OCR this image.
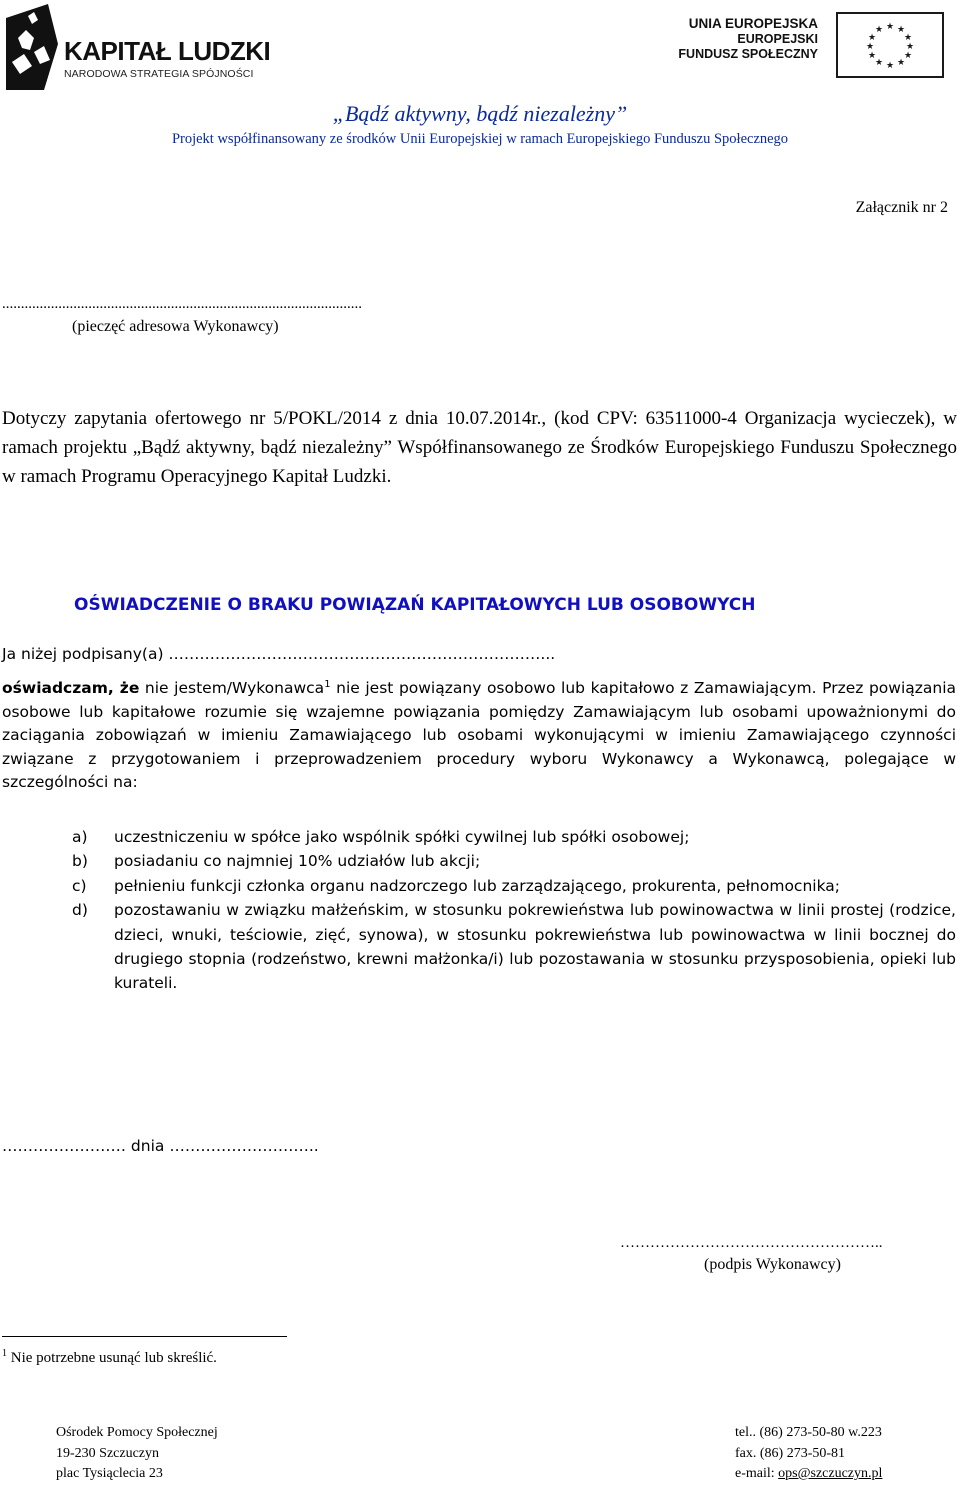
KAPITAŁ LUDZKI
NARODOWA STRATEGIA SPÓJNOŚCI
UNIA EUROPEJSKA
EUROPEJSKI
FUNDUSZ SPOŁECZNY
★ ★
★
★
★
★
★
★
★
★
★
★
„Bądź aktywny, bądź niezależny”
Projekt współfinansowany ze środków Unii Europejskiej w ramach Europejskiego Funduszu Społecznego
Załącznik nr 2
................................................................................................
(pieczęć adresowa Wykonawcy)
Dotyczy zapytania ofertowego nr 5/POKL/2014 z dnia 10.07.2014r., (kod CPV: 63511000-4 Organizacja wycieczek), w ramach projektu „Bądź aktywny, bądź niezależny” Współfinansowanego ze Środków Europejskiego Funduszu Społecznego w ramach Programu Operacyjnego Kapitał Ludzki.
OŚWIADCZENIE O BRAKU POWIĄZAŃ KAPITAŁOWYCH LUB OSOBOWYCH
Ja niżej podpisany(a) ………………………………………………………………...
oświadczam, że nie jestem/Wykonawca$^1$ nie jest powiązany osobowo lub kapitałowo z Zamawiającym. Przez powiązania osobowe lub kapitałowe rozumie się wzajemne powiązania pomiędzy Zamawiającym lub osobami upoważnionymi do zaciągania zobowiązań w imieniu Zamawiającego lub osobami wykonującymi w imieniu Zamawiającego czynności związane z przygotowaniem i przeprowadzeniem procedury wyboru Wykonawcy a Wykonawcą, polegające w szczególności na:
a) uczestniczeniu w spółce jako wspólnik spółki cywilnej lub spółki osobowej;
b) posiadaniu co najmniej 10% udziałów lub akcji;
c) pełnieniu funkcji członka organu nadzorczego lub zarządzającego, prokurenta, pełnomocnika;
d) pozostawaniu w związku małżeńskim, w stosunku pokrewieństwa lub powinowactwa w linii prostej (rodzice, dzieci, wnuki, teściowie, zięć, synowa), w stosunku pokrewieństwa lub powinowactwa w linii bocznej do drugiego stopnia (rodzeństwo, krewni małżonka/i) lub pozostawania w stosunku przysposobienia, opieki lub kurateli.
…………………… dnia ………………………..
……………………………………………..
(podpis Wykonawcy)
$^1$ Nie potrzebne usunąć lub skreślić.
Ośrodek Pomocy Społecznej
19-230 Szczuczyn
plac Tysiąclecia 23
tel.. (86) 273-50-80 w.223
fax. (86) 273-50-81
e-mail: ops@szczuczyn.pl
